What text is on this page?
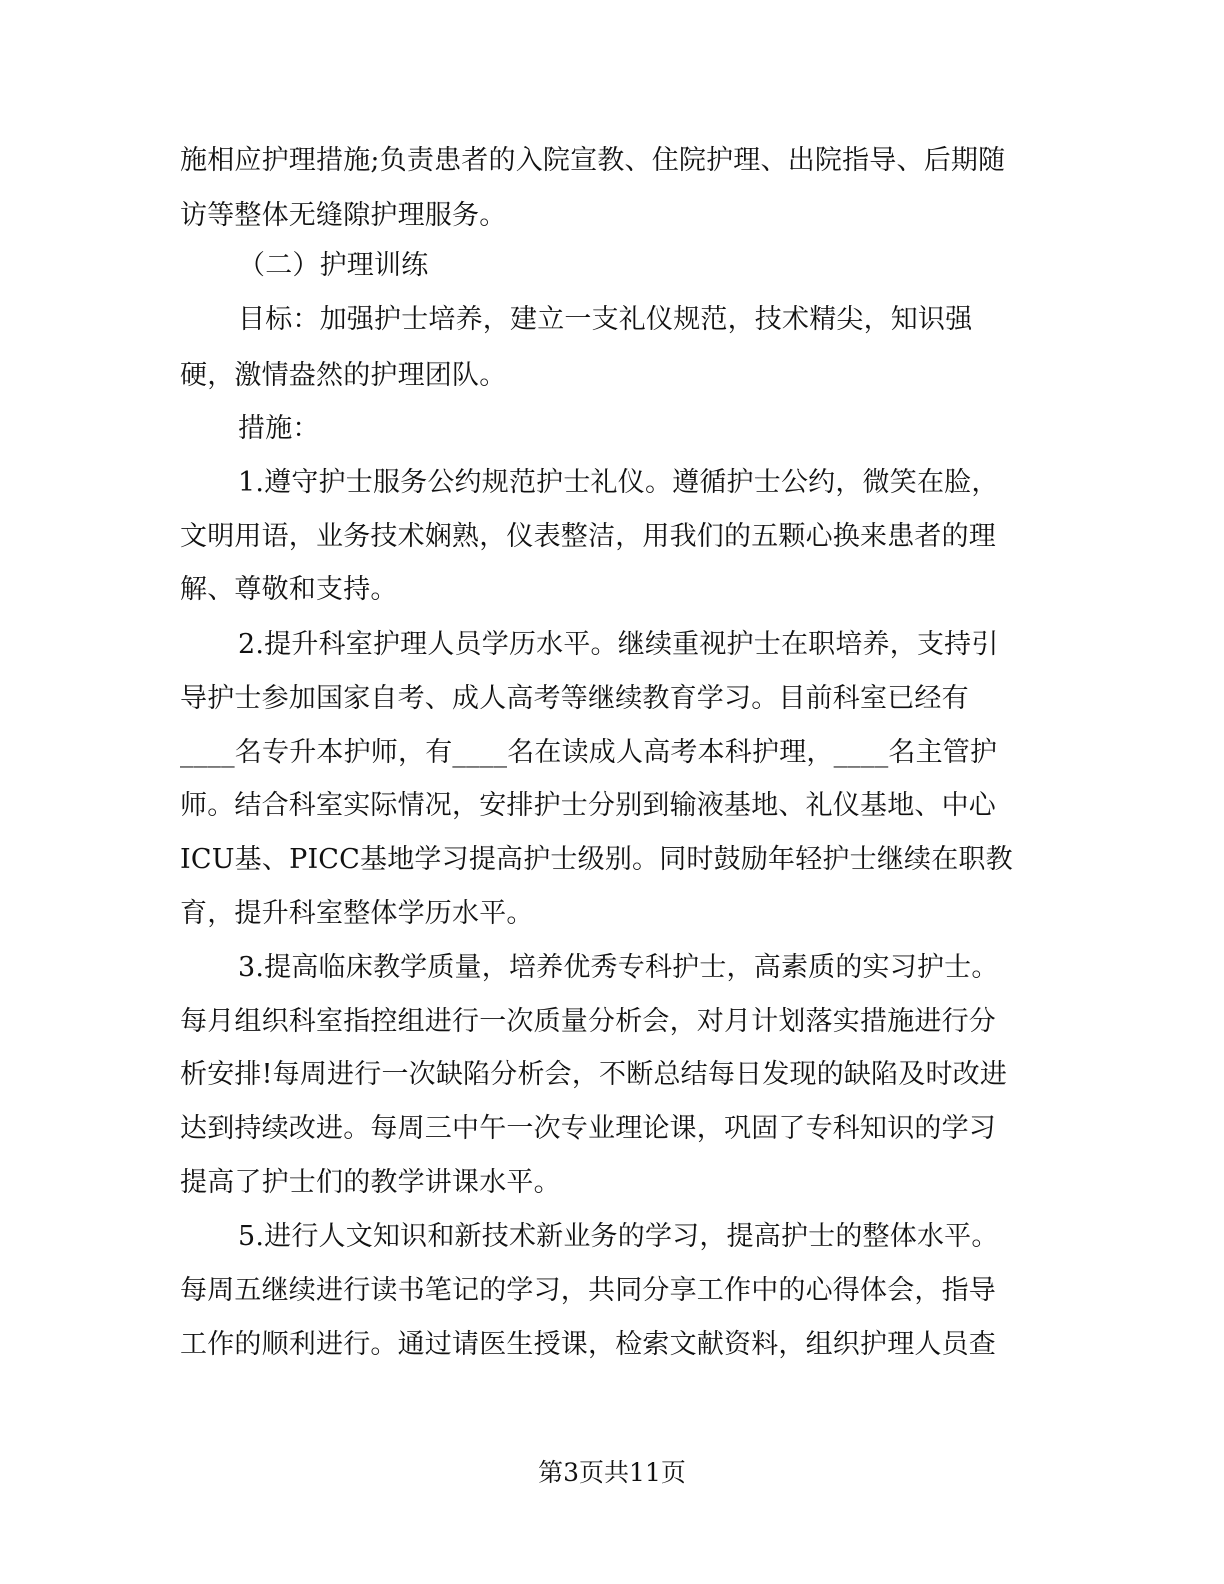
施相应护理措施;负责患者的入院宣教、住院护理、出院指导、后期随

访等整体无缝隙护理服务。

（二）护理训练

目标：加强护士培养，建立一支礼仪规范，技术精尖，知识强

硬，激情盎然的护理团队。

措施：

1.遵守护士服务公约规范护士礼仪。遵循护士公约，微笑在脸，

文明用语，业务技术娴熟，仪表整洁，用我们的五颗心换来患者的理

解、尊敬和支持。

2.提升科室护理人员学历水平。继续重视护士在职培养，支持引

导护士参加国家自考、成人高考等继续教育学习。目前科室已经有

____名专升本护师，有____名在读成人高考本科护理，____名主管护

师。结合科室实际情况，安排护士分别到输液基地、礼仪基地、中心

ICU基、PICC基地学习提高护士级别。同时鼓励年轻护士继续在职教

育，提升科室整体学历水平。

3.提高临床教学质量，培养优秀专科护士，高素质的实习护士。

每月组织科室指控组进行一次质量分析会，对月计划落实措施进行分

析安排!每周进行一次缺陷分析会，不断总结每日发现的缺陷及时改进

达到持续改进。每周三中午一次专业理论课，巩固了专科知识的学习

提高了护士们的教学讲课水平。

5.进行人文知识和新技术新业务的学习，提高护士的整体水平。

每周五继续进行读书笔记的学习，共同分享工作中的心得体会，指导

工作的顺利进行。通过请医生授课，检索文献资料，组织护理人员查

第3页共11页
